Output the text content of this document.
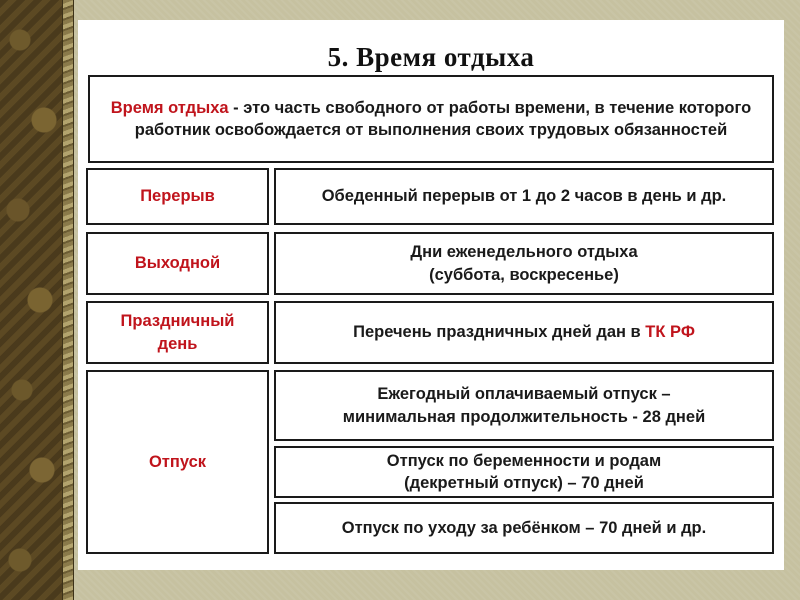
5. Время отдыха
Время отдыха - это часть свободного от работы времени, в течение которого работник освобождается от выполнения своих трудовых обязанностей
Перерыв	Обеденный перерыв от 1 до 2 часов в день и др.
Выходной
Дни еженедельного отдыха
(суббота, воскресенье)
Праздничный
день
Перечень праздничных дней дан в ТК РФ
Отпуск
Ежегодный оплачиваемый отпуск –
минимальная продолжительность - 28 дней
Отпуск по беременности и родам
(декретный отпуск) – 70 дней
Отпуск по уходу за ребёнком – 70 дней и др.
